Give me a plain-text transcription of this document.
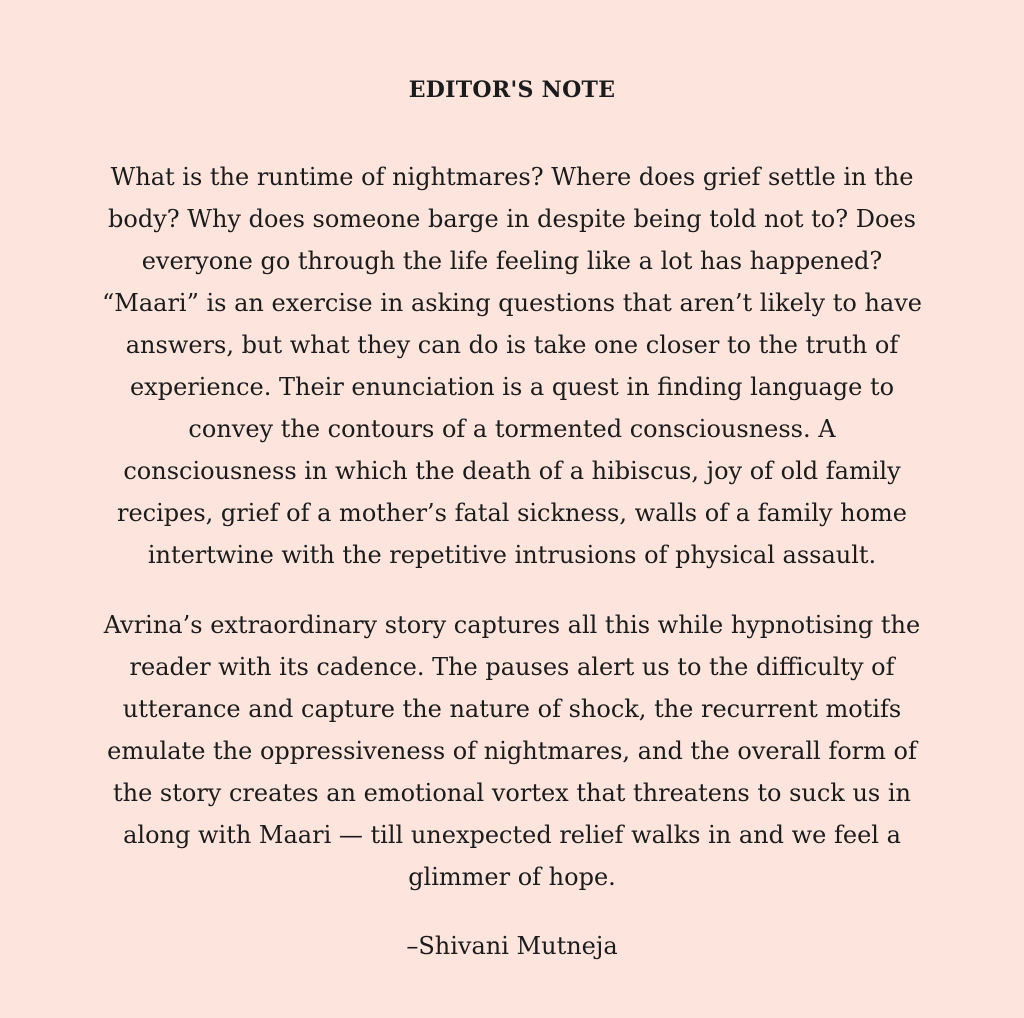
EDITOR'S NOTE

What is the runtime of nightmares? Where does grief settle in the
body? Why does someone barge in despite being told not to? Does
everyone go through the life feeling like a lot has happened?
“Maari” is an exercise in asking questions that aren’t likely to have
answers, but what they can do is take one closer to the truth of
experience. Their enunciation is a quest in finding language to
convey the contours of a tormented consciousness. A
consciousness in which the death of a hibiscus, joy of old family
recipes, grief of a mother’s fatal sickness, walls of a family home
intertwine with the repetitive intrusions of physical assault.

Avrina’s extraordinary story captures all this while hypnotising the
reader with its cadence. The pauses alert us to the difficulty of
utterance and capture the nature of shock, the recurrent motifs
emulate the oppressiveness of nightmares, and the overall form of
the story creates an emotional vortex that threatens to suck us in
along with Maari — till unexpected relief walks in and we feel a
glimmer of hope.

–Shivani Mutneja
